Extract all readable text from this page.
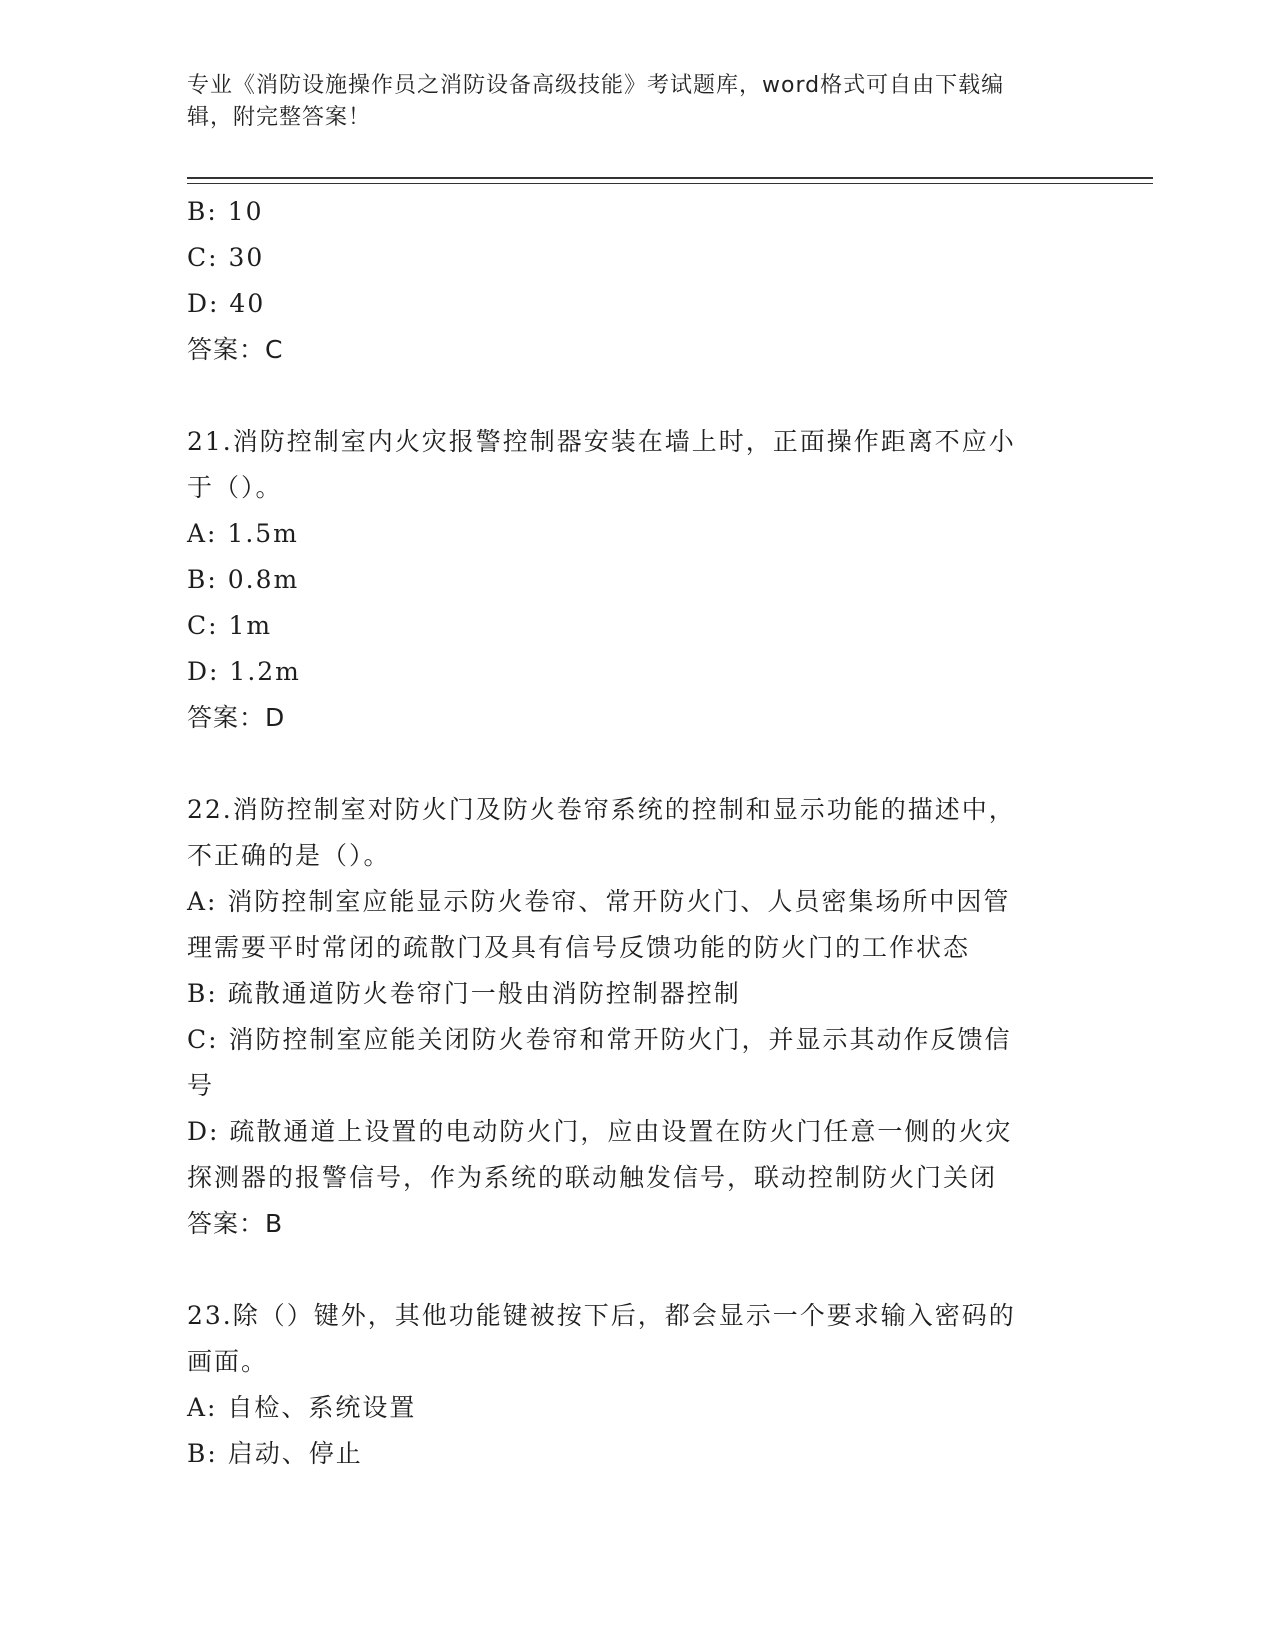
专业《消防设施操作员之消防设备高级技能》考试题库，word格式可自由下载编
辑，附完整答案！
B: 10
C: 30
D: 40
答案：C
21.消防控制室内火灾报警控制器安装在墙上时，正面操作距离不应小
于（）。
A: 1.5m
B: 0.8m
C: 1m
D: 1.2m
答案：D
22.消防控制室对防火门及防火卷帘系统的控制和显示功能的描述中，
不正确的是（）。
A: 消防控制室应能显示防火卷帘、常开防火门、人员密集场所中因管
理需要平时常闭的疏散门及具有信号反馈功能的防火门的工作状态
B: 疏散通道防火卷帘门一般由消防控制器控制
C: 消防控制室应能关闭防火卷帘和常开防火门，并显示其动作反馈信
号
D: 疏散通道上设置的电动防火门，应由设置在防火门任意一侧的火灾
探测器的报警信号，作为系统的联动触发信号，联动控制防火门关闭
答案：B
23.除（）键外，其他功能键被按下后，都会显示一个要求输入密码的
画面。
A: 自检、系统设置
B: 启动、停止
